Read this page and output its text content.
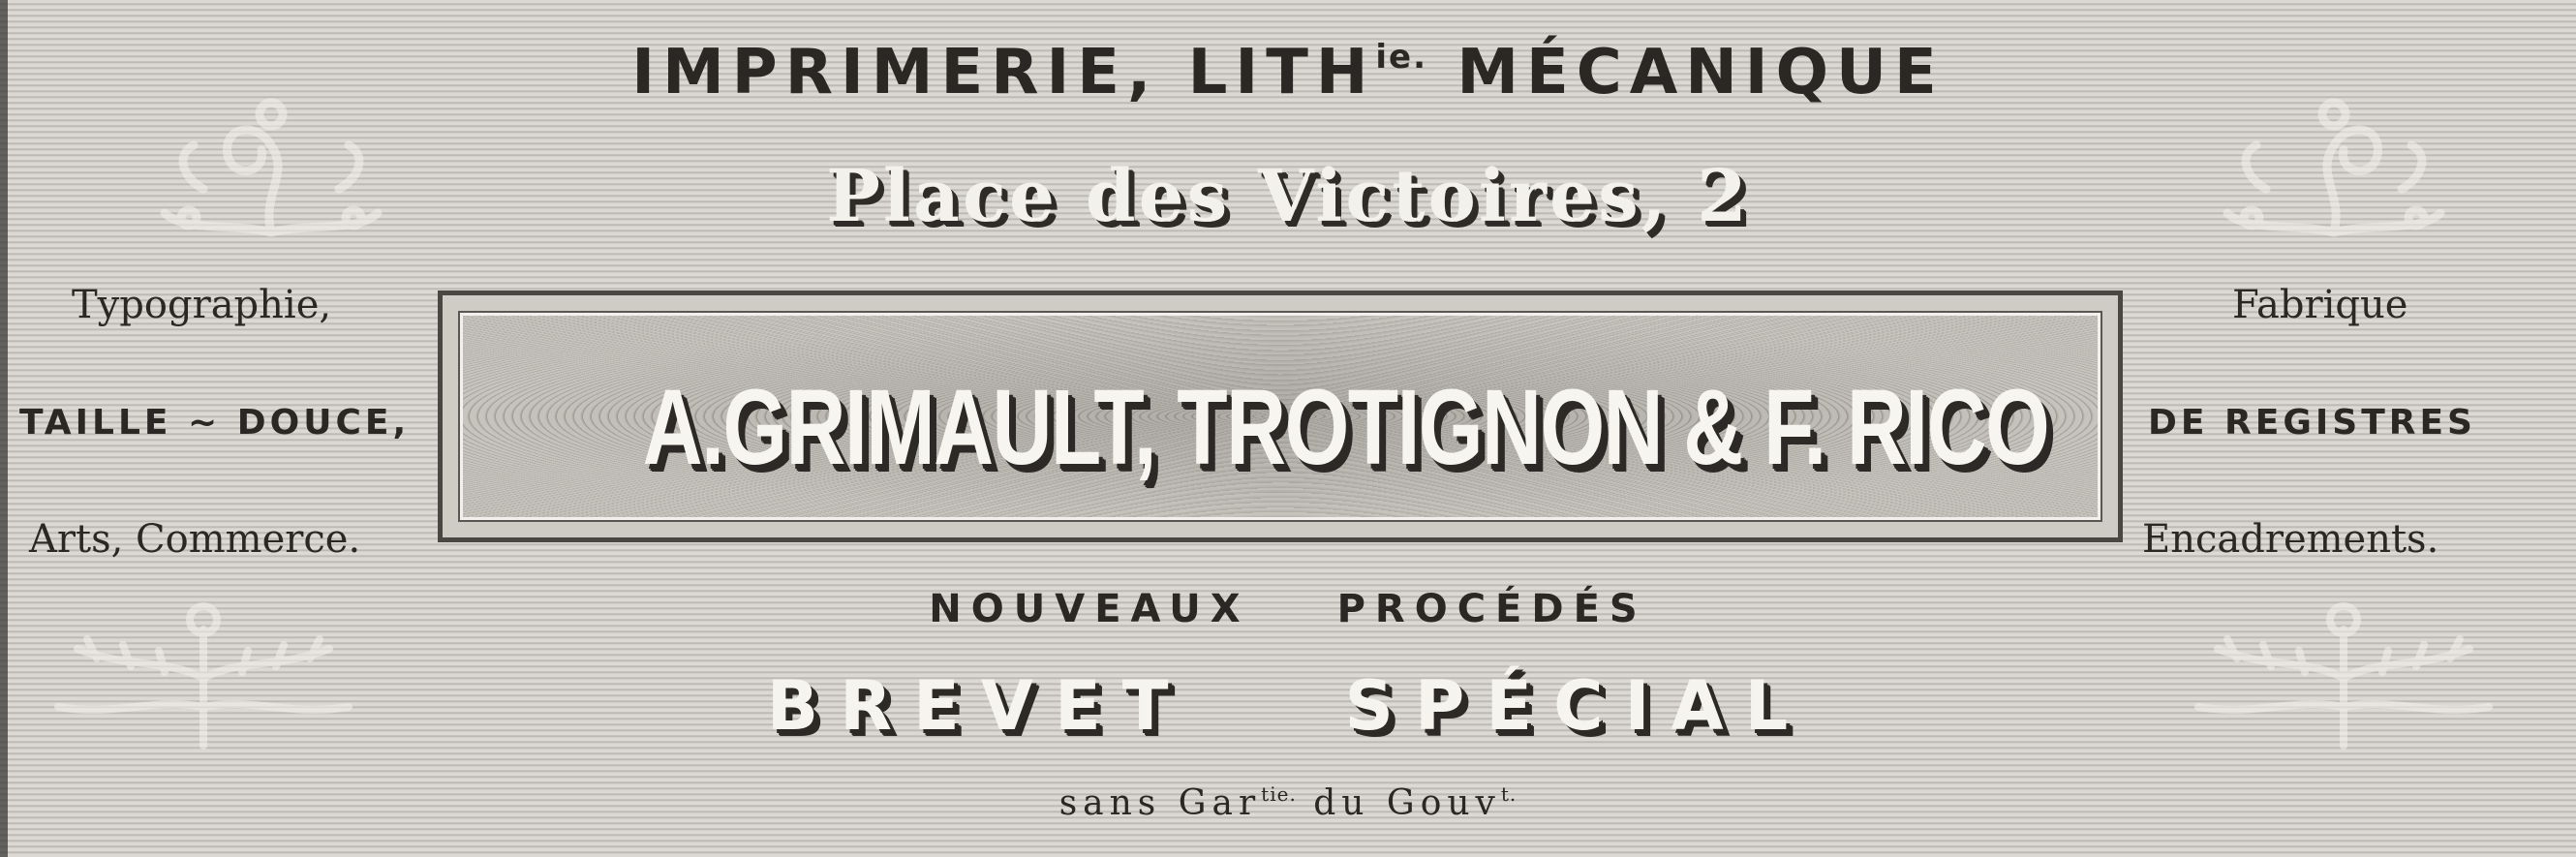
IMPRIMERIE, $LITH^{ie.}$ MÉCANIQUE
Place des Victoires, 2
Typographie,
TAILLE ~ DOUCE,
Arts, Commerce.
Fabrique
DE REGISTRES
Encadrements.
A.GRIMAULT, TROTIGNON & F. RICO
NOUVEAUX PROCÉDÉS
BREVET SPÉCIAL
sans Gar$^{tie.}$ du Gouv$^{t.}$
